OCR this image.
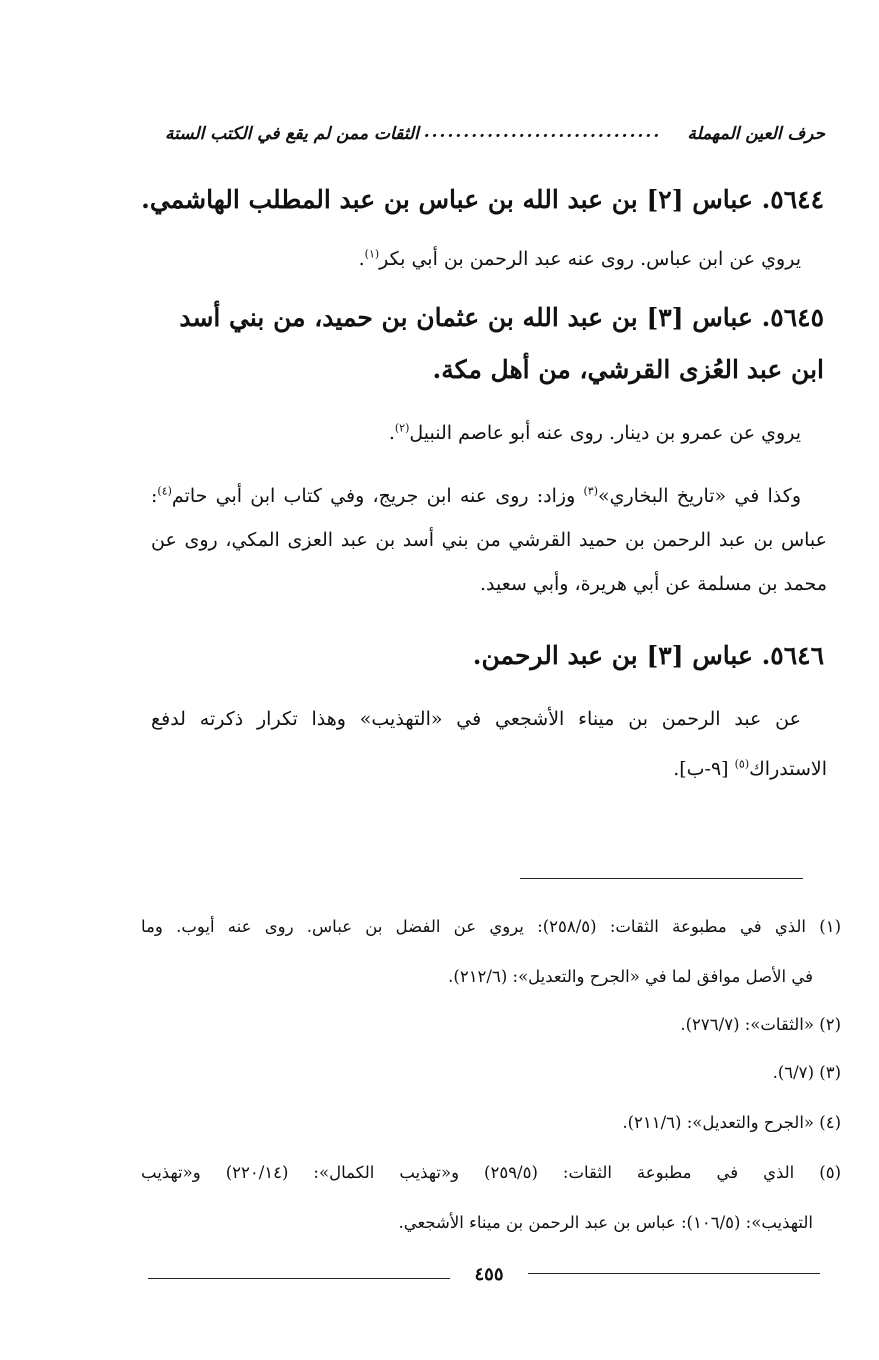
حرف العين المهملة
..............................
الثقات ممن لم يقع في الكتب الستة
٥٦٤٤. عباس [٢] بن عبد الله بن عباس بن عبد المطلب الهاشمي.
يروي عن ابن عباس. روى عنه عبد الرحمن بن أبي بكر$^{(١)}$.
٥٦٤٥. عباس [٣] بن عبد الله بن عثمان بن حميد، من بني أسد ابن عبد
العُزى القرشي، من أهل مكة.
يروي عن عمرو بن دينار. روى عنه أبو عاصم النبيل$^{(٢)}$.
وكذا في «تاريخ البخاري»$^{(٣)}$ وزاد: روى عنه ابن جريج، وفي كتاب ابن أبي حاتم$^{(٤)}$: عباس بن عبد الرحمن بن حميد القرشي من بني أسد بن عبد العزى المكي، روى عن محمد بن مسلمة عن أبي هريرة، وأبي سعيد.
٥٦٤٦. عباس [٣] بن عبد الرحمن.
عن عبد الرحمن بن ميناء الأشجعي في «التهذيب» وهذا تكرار ذكرته لدفع الاستدراك$^{(٥)}$ [٩-ب].
(١) الذي في مطبوعة الثقات: (٢٥٨/٥): يروي عن الفضل بن عباس. روى عنه أيوب. وما
في الأصل موافق لما في «الجرح والتعديل»: (٢١٢/٦).
(٢) «الثقات»: (٢٧٦/٧).
(٣) (٦/٧).
(٤) «الجرح والتعديل»: (٢١١/٦).
(٥) الذي في مطبوعة الثقات: (٢٥٩/٥) و«تهذيب الكمال»: (٢٢٠/١٤) و«تهذيب
التهذيب»: (١٠٦/٥): عباس بن عبد الرحمن بن ميناء الأشجعي.
٤٥٥
